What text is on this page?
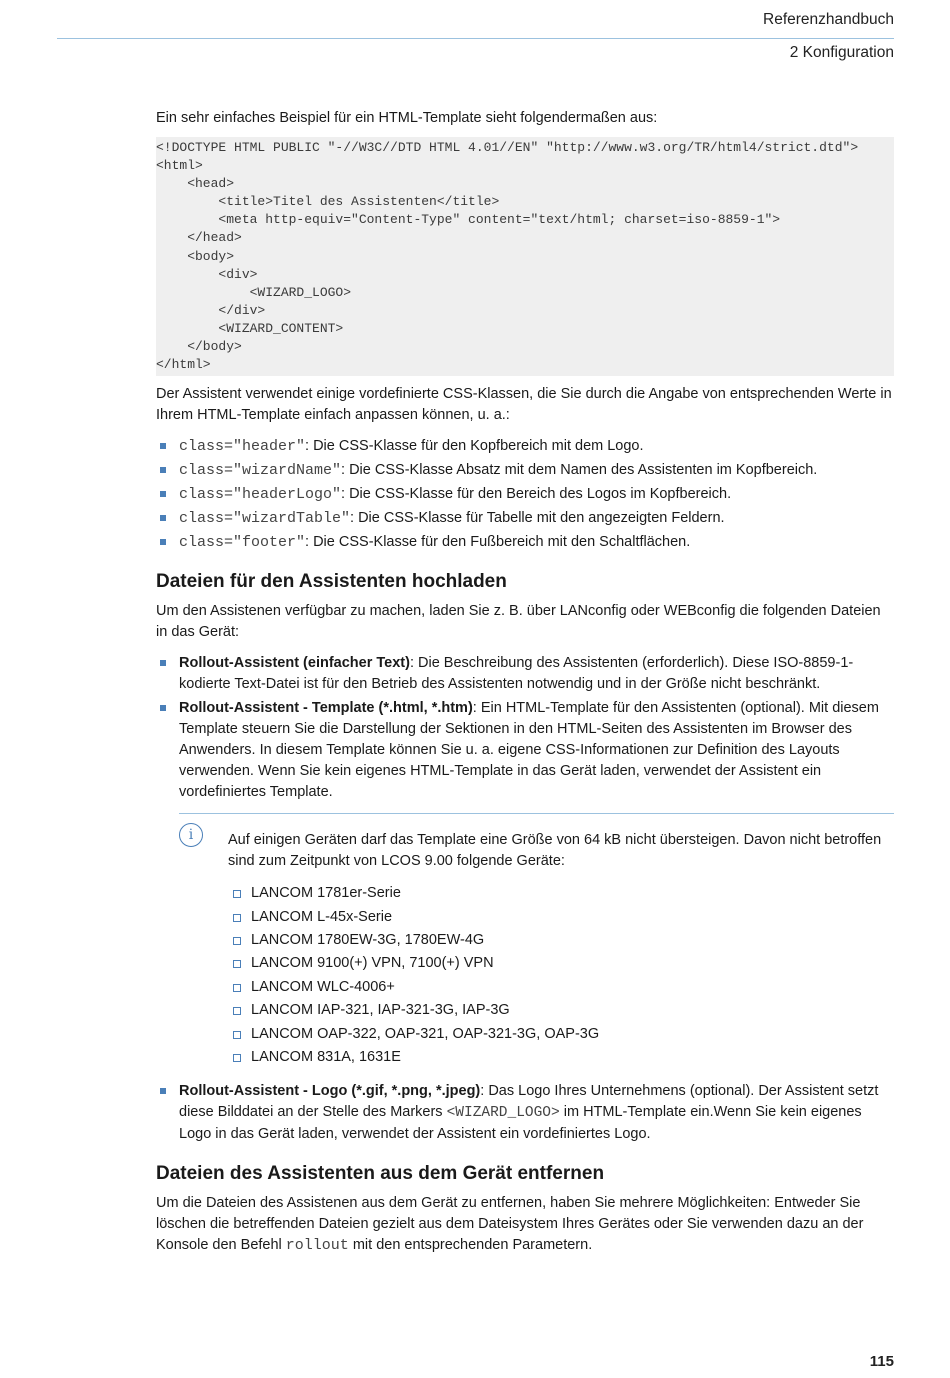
Referenzhandbuch
2 Konfiguration

Ein sehr einfaches Beispiel für ein HTML-Template sieht folgendermaßen aus:

<!DOCTYPE HTML PUBLIC "-//W3C//DTD HTML 4.01//EN" "http://www.w3.org/TR/html4/strict.dtd">
<html>
<head>
<title>Titel des Assistenten</title>
<meta http-equiv="Content-Type" content="text/html; charset=iso-8859-1">
</head>
<body>
<div>
<WIZARD_LOGO>
</div>
<WIZARD_CONTENT>
</body>
</html>

Der Assistent verwendet einige vordefinierte CSS-Klassen, die Sie durch die Angabe von entsprechenden Werte in Ihrem HTML-Template einfach anpassen können, u. a.:

class="header": Die CSS-Klasse für den Kopfbereich mit dem Logo.
class="wizardName": Die CSS-Klasse Absatz mit dem Namen des Assistenten im Kopfbereich.
class="headerLogo": Die CSS-Klasse für den Bereich des Logos im Kopfbereich.
class="wizardTable": Die CSS-Klasse für Tabelle mit den angezeigten Feldern.
class="footer": Die CSS-Klasse für den Fußbereich mit den Schaltflächen.
Dateien für den Assistenten hochladen

Um den Assistenen verfügbar zu machen, laden Sie z. B. über LANconfig oder WEBconfig die folgenden Dateien in das Gerät:

Rollout-Assistent (einfacher Text): Die Beschreibung des Assistenten (erforderlich). Diese ISO-8859-1-kodierte Text-Datei ist für den Betrieb des Assistenten notwendig und in der Größe nicht beschränkt.
Rollout-Assistent - Template (*.html, *.htm): Ein HTML-Template für den Assistenten (optional). Mit diesem Template steuern Sie die Darstellung der Sektionen in den HTML-Seiten des Assistenten im Browser des Anwenders. In diesem Template können Sie u. a. eigene CSS-Informationen zur Definition des Layouts verwenden. Wenn Sie kein eigenes HTML-Template in das Gerät laden, verwendet der Assistent ein vordefiniertes Template.
i	Auf einigen Geräten darf das Template eine Größe von 64 kB nicht übersteigen. Davon nicht betroffen sind zum Zeitpunkt von LCOS 9.00 folgende Geräte:

LANCOM 1781er-Serie
LANCOM L-45x-Serie
LANCOM 1780EW-3G, 1780EW-4G
LANCOM 9100(+) VPN, 7100(+) VPN
LANCOM WLC-4006+
LANCOM IAP-321, IAP-321-3G, IAP-3G
LANCOM OAP-322, OAP-321, OAP-321-3G, OAP-3G
LANCOM 831A, 1631E
Rollout-Assistent - Logo (*.gif, *.png, *.jpeg): Das Logo Ihres Unternehmens (optional). Der Assistent setzt diese Bilddatei an der Stelle des Markers <WIZARD_LOGO> im HTML-Template ein.Wenn Sie kein eigenes Logo in das Gerät laden, verwendet der Assistent ein vordefiniertes Logo.
Dateien des Assistenten aus dem Gerät entfernen

Um die Dateien des Assistenen aus dem Gerät zu entfernen, haben Sie mehrere Möglichkeiten: Entweder Sie löschen die betreffenden Dateien gezielt aus dem Dateisystem Ihres Gerätes oder Sie verwenden dazu an der Konsole den Befehl rollout mit den entsprechenden Parametern.

115
